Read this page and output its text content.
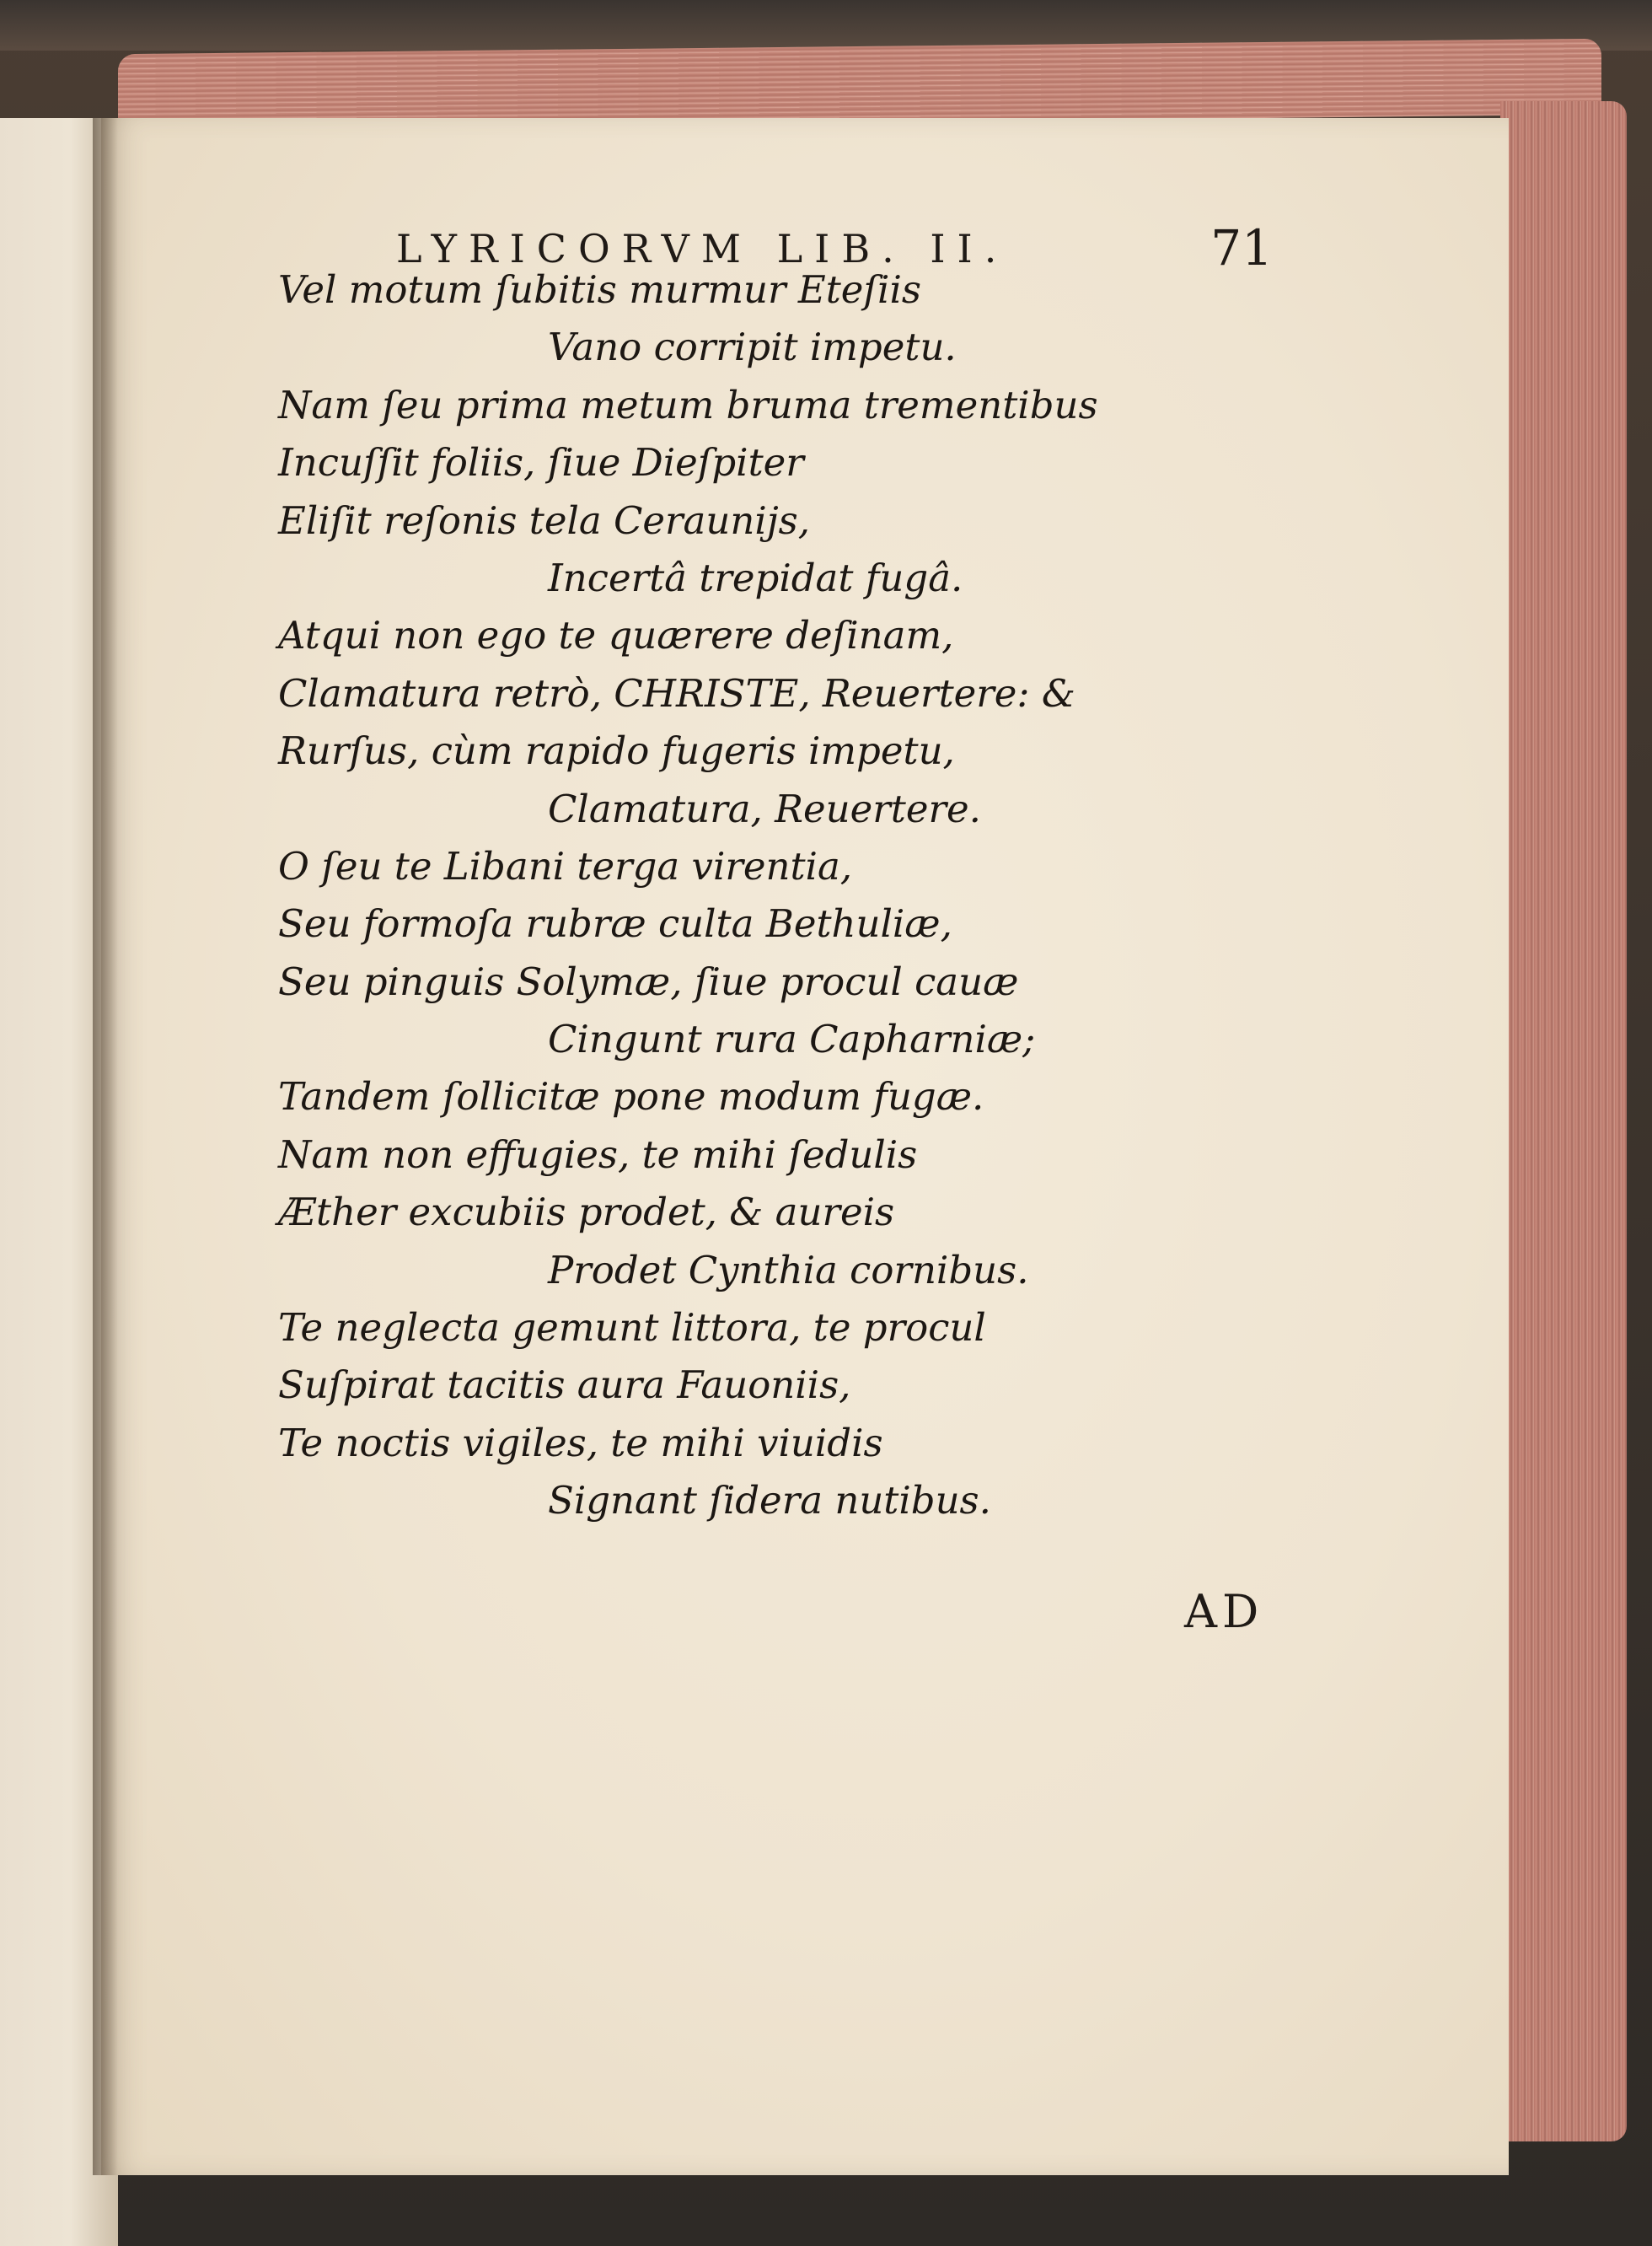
LYRICORVM LIB. II.	71
Vel motum ſubitis murmur Eteſiis
Vano corripit impetu.
Nam ſeu prima metum bruma trementibus
Incuſſit foliis, ſiue Dieſpiter
Eliſit reſonis tela Ceraunijs,
Incertâ trepidat fugâ.
Atqui non ego te quærere deſinam,
Clamatura retrò, CHRISTE, Reuertere: &
Rurſus, cùm rapido fugeris impetu,
Clamatura, Reuertere.
O ſeu te Libani terga virentia,
Seu formoſa rubræ culta Bethuliæ,
Seu pinguis Solymæ, ſiue procul cauæ
Cingunt rura Capharniæ;
Tandem ſollicitæ pone modum fugæ.
Nam non effugies, te mihi ſedulis
Æther excubiis prodet, & aureis
Prodet Cynthia cornibus.
Te neglecta gemunt littora, te procul
Suſpirat tacitis aura Fauoniis,
Te noctis vigiles, te mihi viuidis
Signant ſidera nutibus.
AD
